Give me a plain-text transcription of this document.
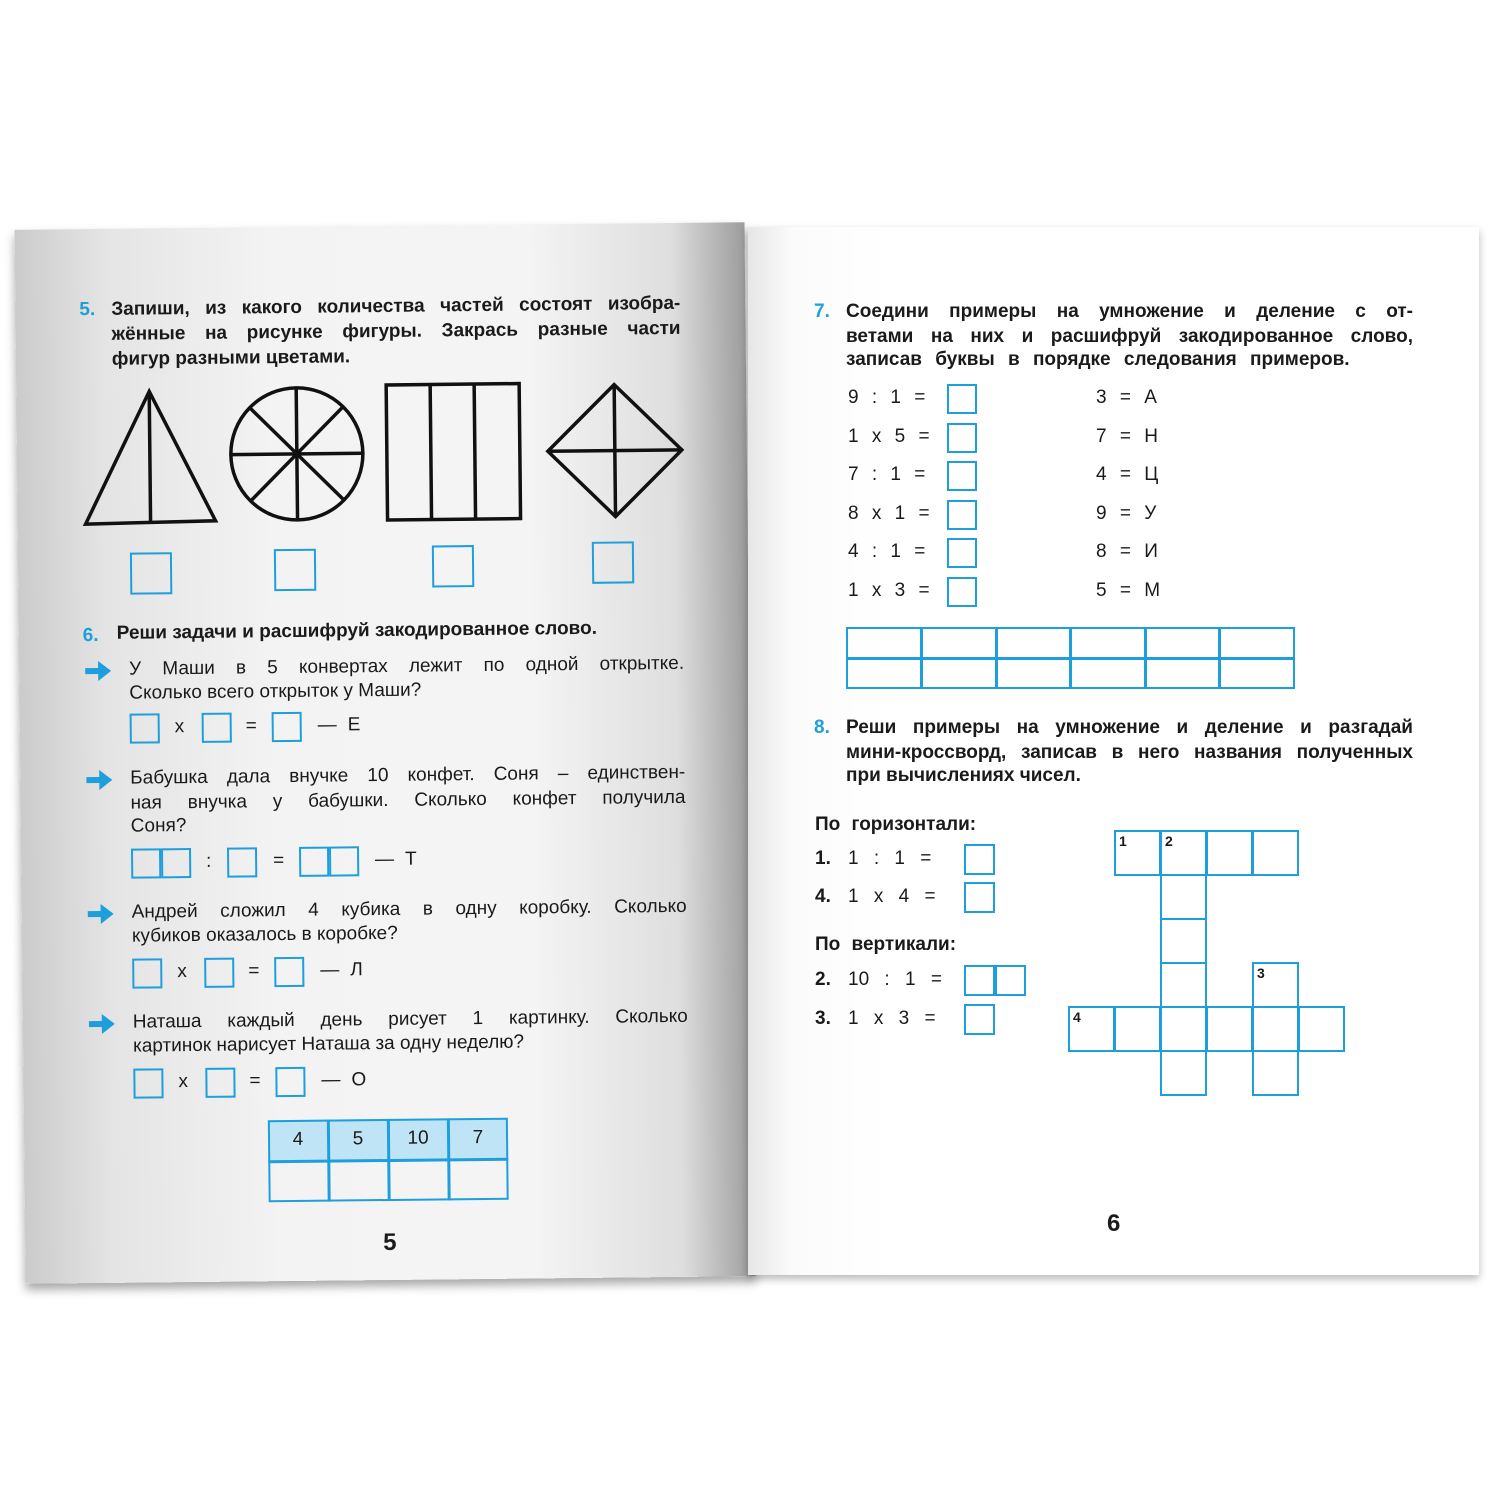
5. Запиши, из какого количества частей состоят изобра-
жённые на рисунке фигуры. Закрась разные части
фигур разными цветами.
6. Реши задачи и расшифруй закодированное слово.
У Маши в 5 конвертах лежит по одной открытке.
Сколько всего открыток у Маши?
х	=	— Е
Бабушка дала внучке 10 конфет. Соня – единствен-
ная внучка у бабушки. Сколько конфет получила
Соня?
:	=	— Т
Андрей сложил 4 кубика в одну коробку. Сколько
кубиков оказалось в коробке?
х	=	— Л
Наташа каждый день рисует 1 картинку. Сколько
картинок нарисует Наташа за одну неделю?
х	=	— О
4	5	10	7
5
7. Соедини примеры на умножение и деление с от-
ветами на них и расшифруй закодированное слово,
записав буквы в порядке следования примеров.
9 : 1 =
1 х 5 =
7 : 1 =
8 х 1 =
4 : 1 =
1 х 3 =
3 = А
7 = Н
4 = Ц
9 = У
8 = И
5 = М
8. Реши примеры на умножение и деление и разгадай
мини-кроссворд, записав в него названия полученных
при вычислениях чисел.
По горизонтали:
1. 1 : 1 =
4. 1 х 4 =
По вертикали:
2. 10 : 1 =
3. 1 х 3 =
1	2
3
4
6
